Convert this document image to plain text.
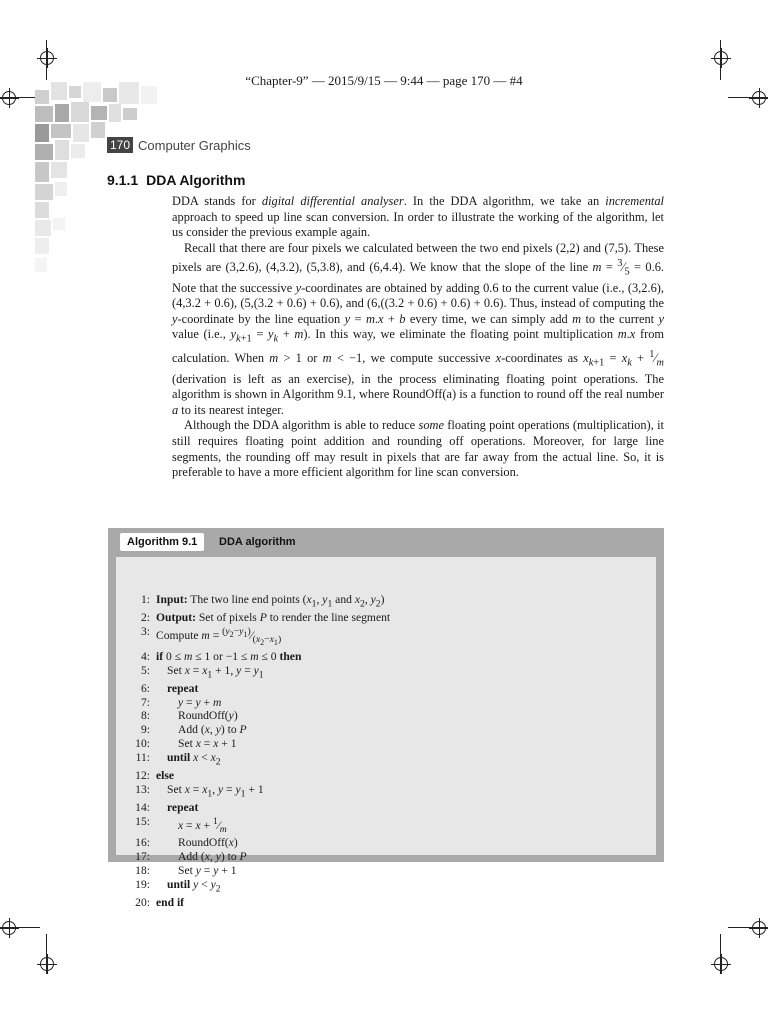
“Chapter-9” — 2015/9/15 — 9:44 — page 170 — #4
170 Computer Graphics
9.1.1 DDA Algorithm

DDA stands for digital differential analyser. In the DDA algorithm, we take an incremental approach to speed up line scan conversion. In order to illustrate the working of the algorithm, let us consider the previous example again.

Recall that there are four pixels we calculated between the two end pixels (2,2) and (7,5). These pixels are (3,2.6), (4,3.2), (5,3.8), and (6,4.4). We know that the slope of the line $m = ^3⁄_5 = 0.6$. Note that the successive y-coordinates are obtained by adding 0.6 to the current value (i.e., (3,2.6), (4,3.2 + 0.6), (5,(3.2 + 0.6) + 0.6), and (6,((3.2 + 0.6) + 0.6) + 0.6). Thus, instead of computing the y-coordinate by the line equation y = m.x + b every time, we can simply add m to the current y value (i.e., $y_{k+1} = y_k + m$). In this way, we eliminate the floating point multiplication m.x from calculation. When m > 1 or m < −1, we compute successive x-coordinates as $x_{k+1} = x_k$ + $^1⁄_m$ (derivation is left as an exercise), in the process eliminating floating point operations. The algorithm is shown in Algorithm 9.1, where RoundOff(a) is a function to round off the real number a to its nearest integer.

Although the DDA algorithm is able to reduce some floating point operations (multiplication), it still requires floating point addition and rounding off operations. Moreover, for large line segments, the rounding off may result in pixels that are far away from the actual line. So, it is preferable to have a more efficient algorithm for line scan conversion.

Algorithm 9.1	DDA algorithm
1: Input: The two line end points ($x_1$, $y_1$ and $x_2$, $y_2$)
2: Output: Set of pixels P to render the line segment
3: Compute $m = ^{(y_2-y_1)}⁄_{(x_2-x_1)}$
4: if 0 ≤ m ≤ 1 or −1 ≤ m ≤ 0 then
5:	Set $x = x_1 + 1$, $y = y_1$
6:	repeat
7:	y = y + m
8:	RoundOff(y)
9:	Add (x, y) to P
10:	Set x = x + 1
11:	until $x < x_2$
12: else
13:	Set $x = x_1$, $y = y_1 + 1$
14:	repeat
15:	$x = x + ^1⁄_m$
16:	RoundOff(x)
17:	Add (x, y) to P
18:	Set y = y + 1
19:	until $y < y_2$
20: end if
